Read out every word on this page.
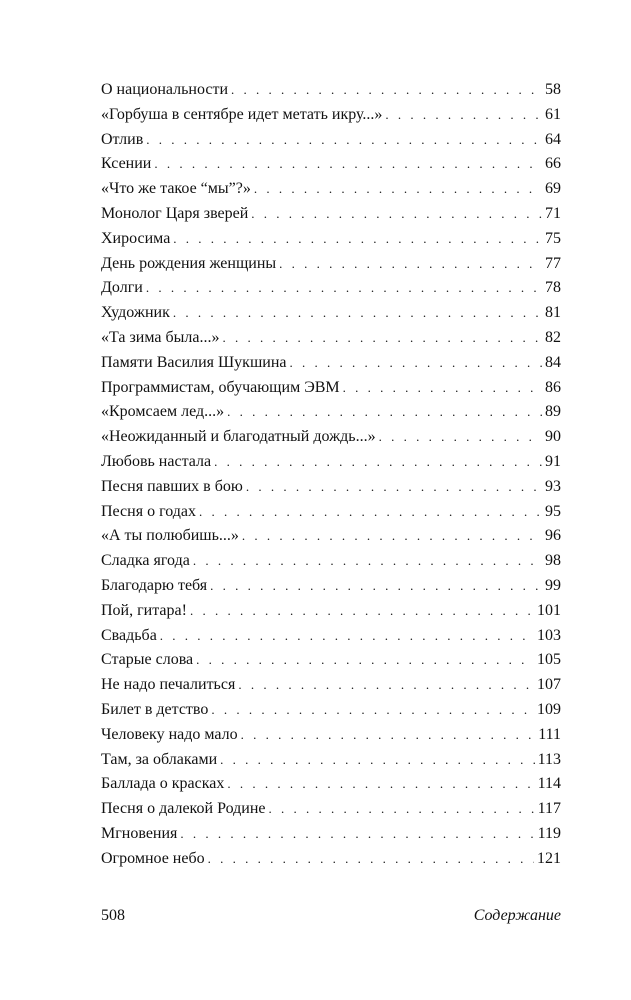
О национальности . . .	58
«Горбуша в сентябре идет метать икру...» . . .	61
Отлив . . .	64
Ксении . . .	66
«Что же такое “мы”?» . . .	69
Монолог Царя зверей . . .	71
Хиросима . . .	75
День рождения женщины . . .	77
Долги . . .	78
Художник . . .	81
«Та зима была...» . . .	82
Памяти Василия Шукшина . . .	84
Программистам, обучающим ЭВМ . . .	86
«Кромсаем лед...» . . .	89
«Неожиданный и благодатный дождь...» . . .	90
Любовь настала . . .	91
Песня павших в бою . . .	93
Песня о годах . . .	95
«А ты полюбишь...» . . .	96
Сладка ягода . . .	98
Благодарю тебя . . .	99
Пой, гитара! . . .	101
Свадьба . . .	103
Старые слова . . .	105
Не надо печалиться . . .	107
Билет в детство . . .	109
Человеку надо мало . . .	111
Там, за облаками . . .	113
Баллада о красках . . .	114
Песня о далекой Родине . . .	117
Мгновения . . .	119
Огромное небо . . .	121
508	Содержание
